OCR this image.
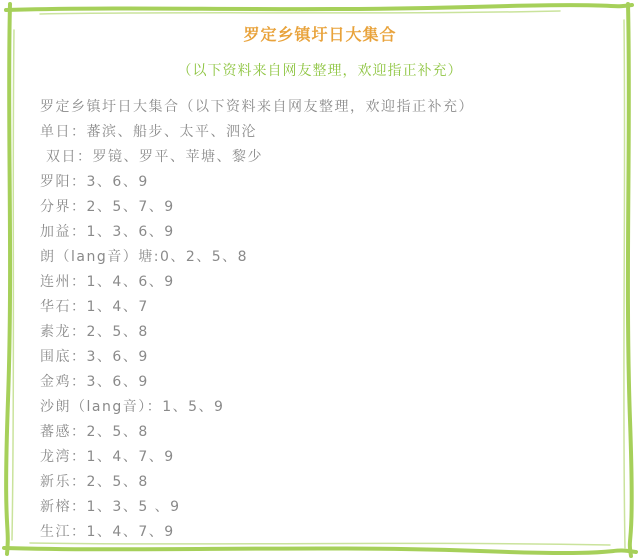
罗定乡镇圩日大集合
（以下资料来自网友整理，欢迎指正补充）
罗定乡镇圩日大集合（以下资料来自网友整理，欢迎指正补充）
单日：蕃滨、船步、太平、泗沦
双日：罗镜、罗平、苹塘、黎少
罗阳：3、6、9
分界：2、5、7、9
加益：1、3、6、9
朗（lang音）塘:0、2、5、8
连州：1、4、6、9
华石：1、4、7
素龙：2、5、8
围底：3、6、9
金鸡：3、6、9
沙朗（lang音）：1、5、9
蕃感：2、5、8
龙湾：1、4、7、9
新乐：2、5、8
新榕：1、3、5 、9
生江：1、4、7、9
